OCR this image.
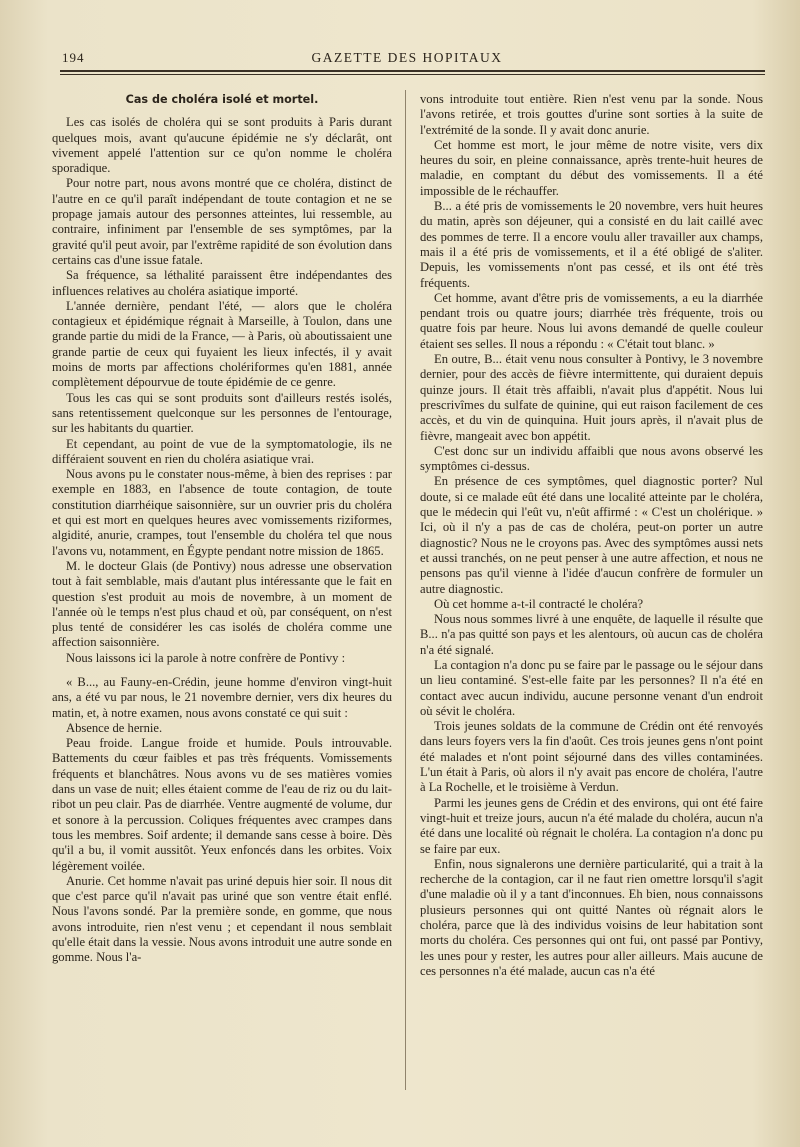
194	GAZETTE DES HOPITAUX
Cas de choléra isolé et mortel.

Les cas isolés de choléra qui se sont produits à Paris durant quelques mois, avant qu'aucune épidémie ne s'y déclarât, ont vivement appelé l'attention sur ce qu'on nomme le choléra sporadique.

Pour notre part, nous avons montré que ce choléra, distinct de l'autre en ce qu'il paraît indépendant de toute contagion et ne se propage jamais autour des personnes atteintes, lui ressemble, au contraire, infiniment par l'ensemble de ses symptômes, par la gravité qu'il peut avoir, par l'extrême rapidité de son évolution dans certains cas d'une issue fatale.

Sa fréquence, sa léthalité paraissent être indépendantes des influences relatives au choléra asiatique importé.

L'année dernière, pendant l'été, — alors que le choléra contagieux et épidémique régnait à Marseille, à Toulon, dans une grande partie du midi de la France, — à Paris, où aboutissaient une grande partie de ceux qui fuyaient les lieux infectés, il y avait moins de morts par affections cholériformes qu'en 1881, année complètement dépourvue de toute épidémie de ce genre.

Tous les cas qui se sont produits sont d'ailleurs restés isolés, sans retentissement quelconque sur les personnes de l'entourage, sur les habitants du quartier.

Et cependant, au point de vue de la symptomatologie, ils ne différaient souvent en rien du choléra asiatique vrai.

Nous avons pu le constater nous-même, à bien des reprises : par exemple en 1883, en l'absence de toute contagion, de toute constitution diarrhéique saisonnière, sur un ouvrier pris du choléra et qui est mort en quelques heures avec vomissements riziformes, algidité, anurie, crampes, tout l'ensemble du choléra tel que nous l'avons vu, notamment, en Égypte pendant notre mission de 1865.

M. le docteur Glais (de Pontivy) nous adresse une observation tout à fait semblable, mais d'autant plus intéressante que le fait en question s'est produit au mois de novembre, à un moment de l'année où le temps n'est plus chaud et où, par conséquent, on n'est plus tenté de considérer les cas isolés de choléra comme une affection saisonnière.

Nous laissons ici la parole à notre confrère de Pontivy :

« B..., au Fauny-en-Crédin, jeune homme d'environ vingt-huit ans, a été vu par nous, le 21 novembre dernier, vers dix heures du matin, et, à notre examen, nous avons constaté ce qui suit :

Absence de hernie.

Peau froide. Langue froide et humide. Pouls introuvable. Battements du cœur faibles et pas très fréquents. Vomissements fréquents et blanchâtres. Nous avons vu de ses matières vomies dans un vase de nuit; elles étaient comme de l'eau de riz ou du lait-ribot un peu clair. Pas de diarrhée. Ventre augmenté de volume, dur et sonore à la percussion. Coliques fréquentes avec crampes dans tous les membres. Soif ardente; il demande sans cesse à boire. Dès qu'il a bu, il vomit aussitôt. Yeux enfoncés dans les orbites. Voix légèrement voilée.

Anurie. Cet homme n'avait pas uriné depuis hier soir. Il nous dit que c'est parce qu'il n'avait pas uriné que son ventre était enflé. Nous l'avons sondé. Par la première sonde, en gomme, que nous avons introduite, rien n'est venu ; et cependant il nous semblait qu'elle était dans la vessie. Nous avons introduit une autre sonde en gomme. Nous l'a-

vons introduite tout entière. Rien n'est venu par la sonde. Nous l'avons retirée, et trois gouttes d'urine sont sorties à la suite de l'extrémité de la sonde. Il y avait donc anurie.

Cet homme est mort, le jour même de notre visite, vers dix heures du soir, en pleine connaissance, après trente-huit heures de maladie, en comptant du début des vomissements. Il a été impossible de le réchauffer.

B... a été pris de vomissements le 20 novembre, vers huit heures du matin, après son déjeuner, qui a consisté en du lait caillé avec des pommes de terre. Il a encore voulu aller travailler aux champs, mais il a été pris de vomissements, et il a été obligé de s'aliter. Depuis, les vomissements n'ont pas cessé, et ils ont été très fréquents.

Cet homme, avant d'être pris de vomissements, a eu la diarrhée pendant trois ou quatre jours; diarrhée très fréquente, trois ou quatre fois par heure. Nous lui avons demandé de quelle couleur étaient ses selles. Il nous a répondu : « C'était tout blanc. »

En outre, B... était venu nous consulter à Pontivy, le 3 novembre dernier, pour des accès de fièvre intermittente, qui duraient depuis quinze jours. Il était très affaibli, n'avait plus d'appétit. Nous lui prescrivîmes du sulfate de quinine, qui eut raison facilement de ces accès, et du vin de quinquina. Huit jours après, il n'avait plus de fièvre, mangeait avec bon appétit.

C'est donc sur un individu affaibli que nous avons observé les symptômes ci-dessus.

En présence de ces symptômes, quel diagnostic porter? Nul doute, si ce malade eût été dans une localité atteinte par le choléra, que le médecin qui l'eût vu, n'eût affirmé : « C'est un cholérique. » Ici, où il n'y a pas de cas de choléra, peut-on porter un autre diagnostic? Nous ne le croyons pas. Avec des symptômes aussi nets et aussi tranchés, on ne peut penser à une autre affection, et nous ne pensons pas qu'il vienne à l'idée d'aucun confrère de formuler un autre diagnostic.

Où cet homme a-t-il contracté le choléra?

Nous nous sommes livré à une enquête, de laquelle il résulte que B... n'a pas quitté son pays et les alentours, où aucun cas de choléra n'a été signalé.

La contagion n'a donc pu se faire par le passage ou le séjour dans un lieu contaminé. S'est-elle faite par les personnes? Il n'a été en contact avec aucun individu, aucune personne venant d'un endroit où sévit le choléra.

Trois jeunes soldats de la commune de Crédin ont été renvoyés dans leurs foyers vers la fin d'août. Ces trois jeunes gens n'ont point été malades et n'ont point séjourné dans des villes contaminées. L'un était à Paris, où alors il n'y avait pas encore de choléra, l'autre à La Rochelle, et le troisième à Verdun.

Parmi les jeunes gens de Crédin et des environs, qui ont été faire vingt-huit et treize jours, aucun n'a été malade du choléra, aucun n'a été dans une localité où régnait le choléra. La contagion n'a donc pu se faire par eux.

Enfin, nous signalerons une dernière particularité, qui a trait à la recherche de la contagion, car il ne faut rien omettre lorsqu'il s'agit d'une maladie où il y a tant d'inconnues. Eh bien, nous connaissons plusieurs personnes qui ont quitté Nantes où régnait alors le choléra, parce que là des individus voisins de leur habitation sont morts du choléra. Ces personnes qui ont fui, ont passé par Pontivy, les unes pour y rester, les autres pour aller ailleurs. Mais aucune de ces personnes n'a été malade, aucun cas n'a été
